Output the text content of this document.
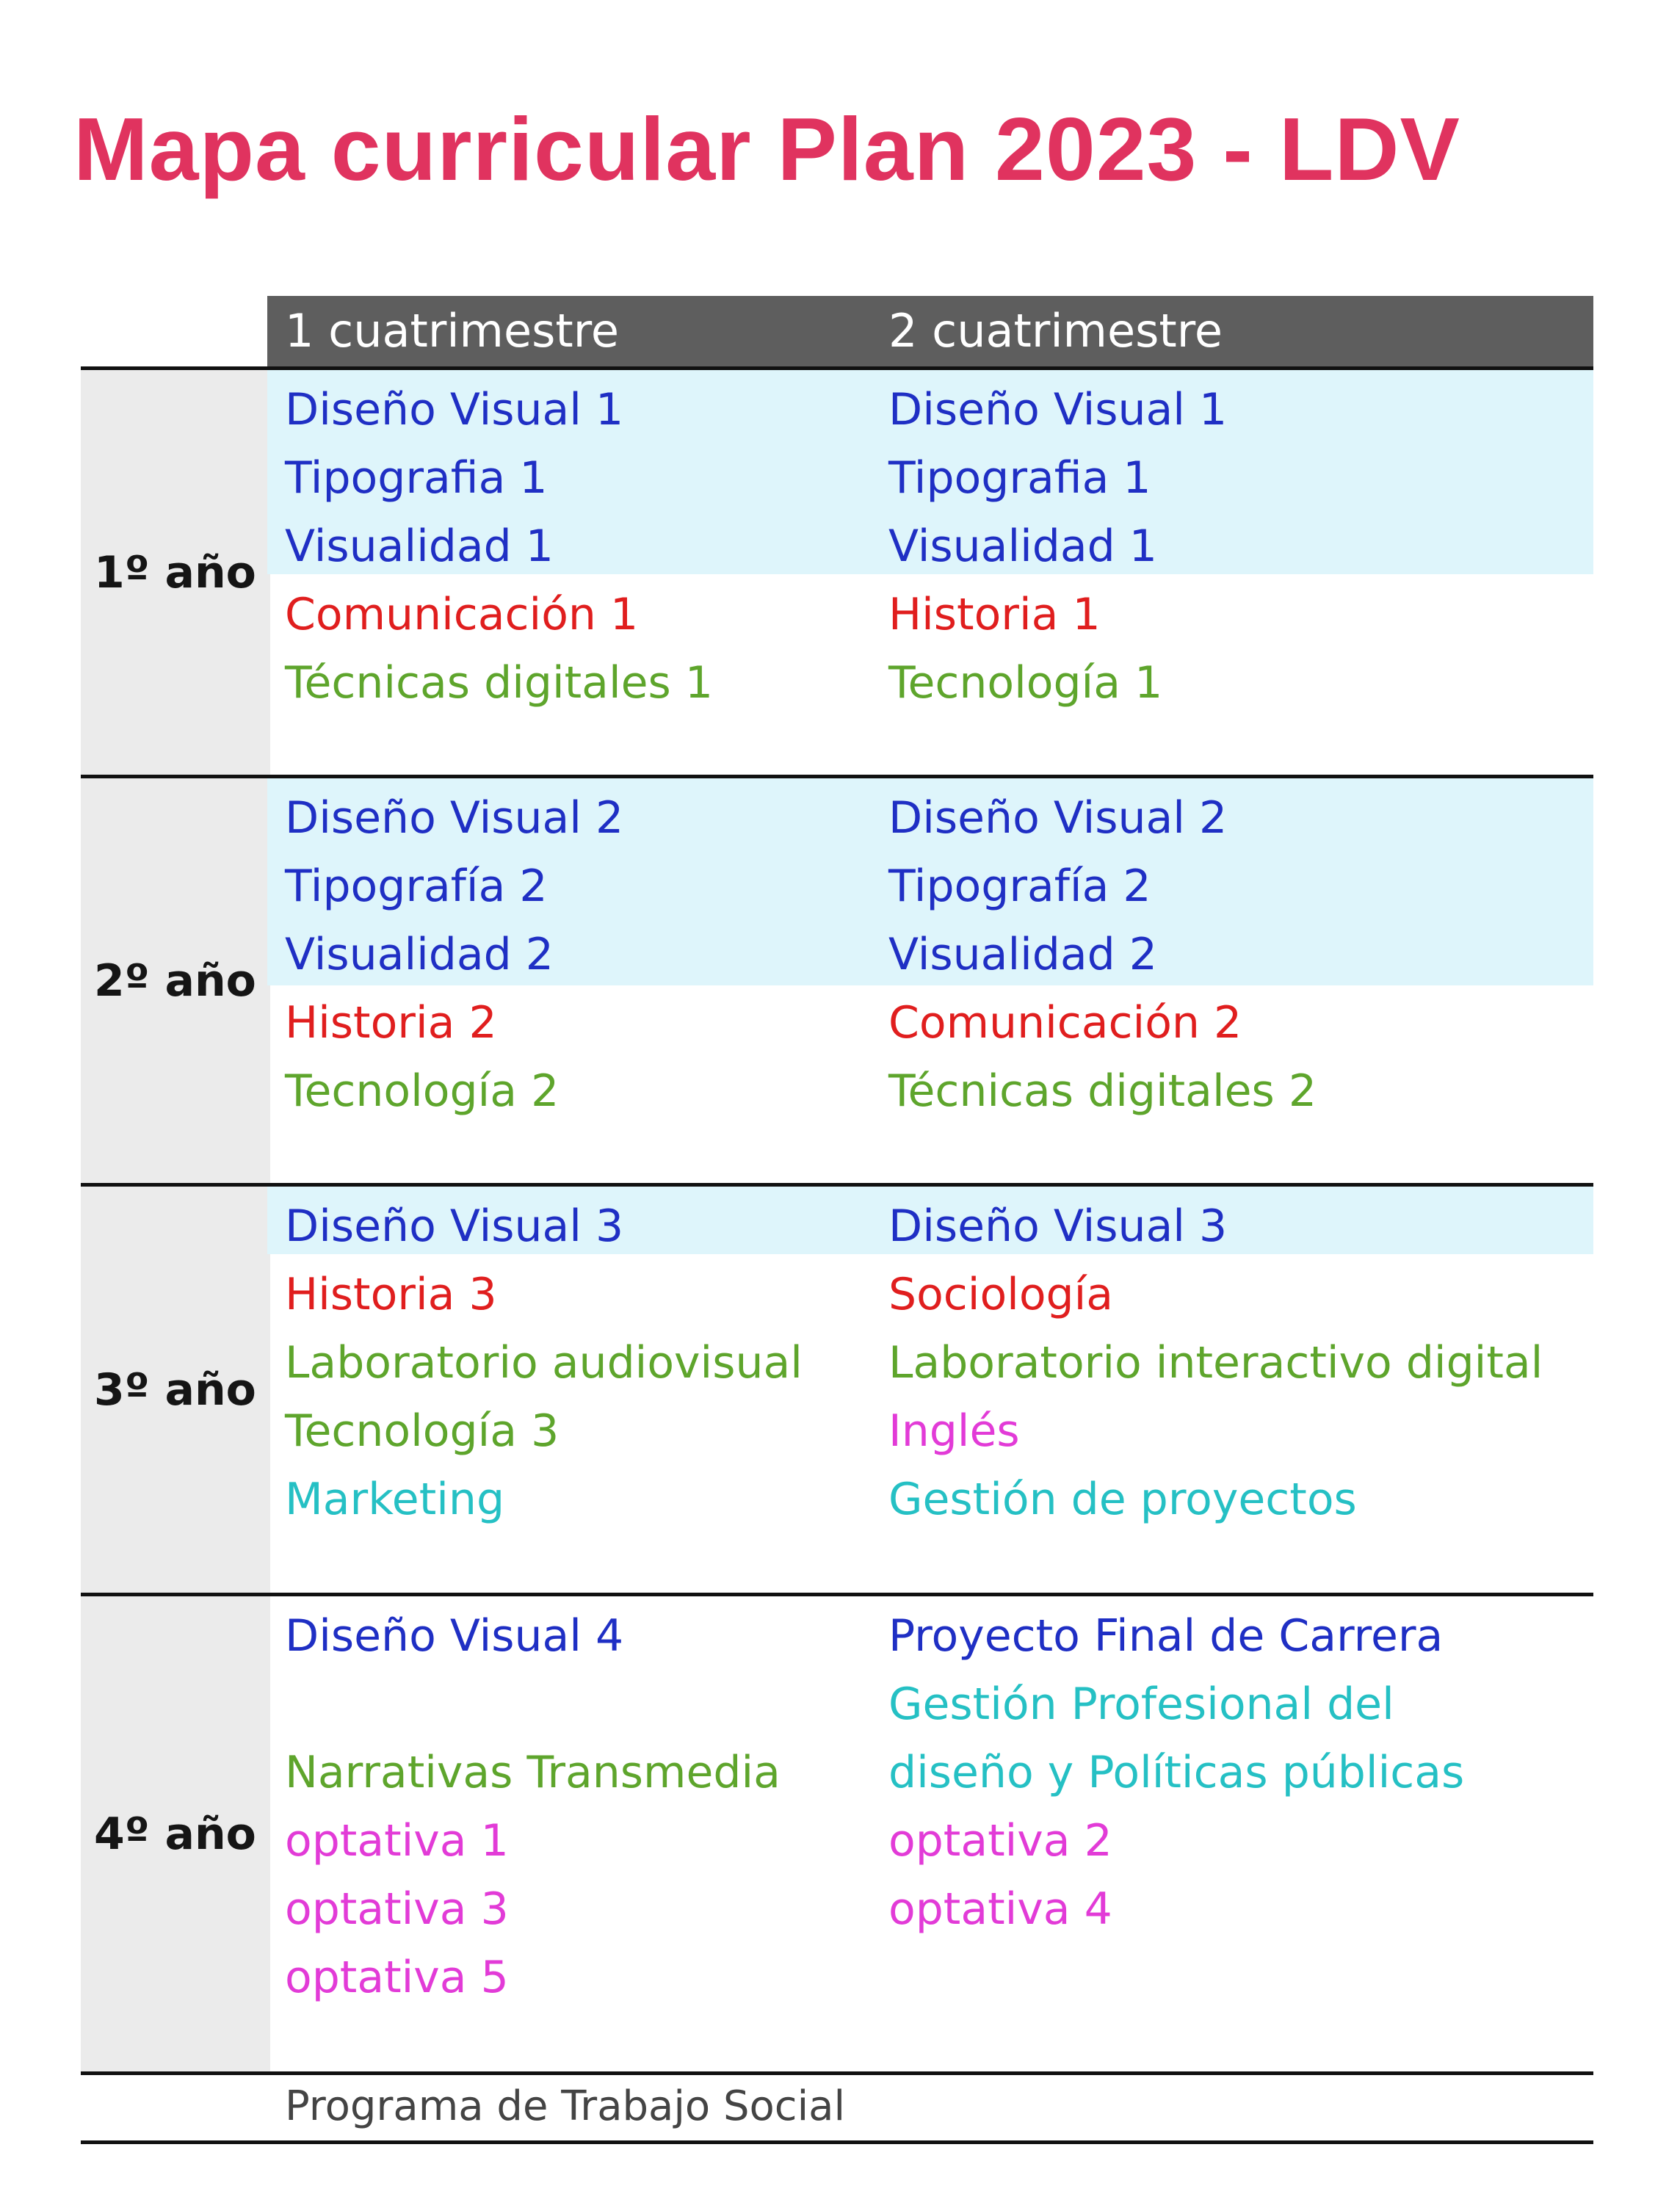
Mapa curricular Plan 2023 - LDV
1 cuatrimestre	2 cuatrimestre
1º año
Diseño Visual 1
Tipografia 1
Visualidad 1
Comunicación 1
Técnicas digitales 1
Diseño Visual 1
Tipografia 1
Visualidad 1
Historia 1
Tecnología 1
2º año
Diseño Visual 2
Tipografía 2
Visualidad 2
Historia 2
Tecnología 2
Diseño Visual 2
Tipografía 2
Visualidad 2
Comunicación 2
Técnicas digitales 2
3º año
Diseño Visual 3
Historia 3
Laboratorio audiovisual
Tecnología 3
Marketing
Diseño Visual 3
Sociología
Laboratorio interactivo digital
Inglés
Gestión de proyectos
4º año
Diseño Visual 4
Narrativas Transmedia
optativa 1
optativa 3
optativa 5
Proyecto Final de Carrera
Gestión Profesional del
diseño y Políticas públicas
optativa 2
optativa 4
Programa de Trabajo Social
